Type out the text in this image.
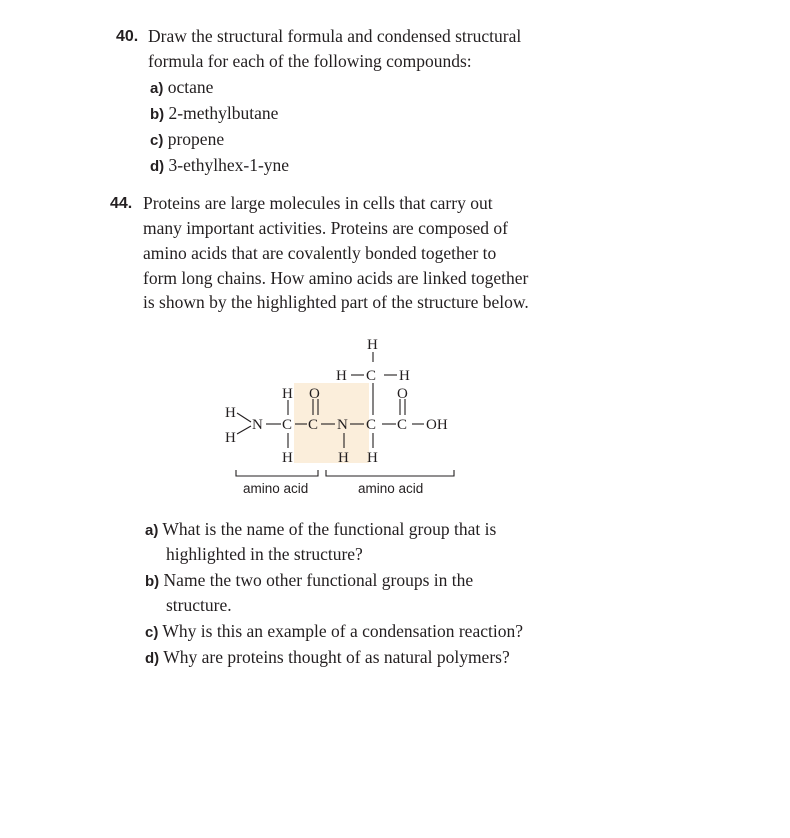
40. Draw the structural formula and condensed structural
formula for each of the following compounds:
a) octane
b) 2-methylbutane
c) propene
d) 3-ethylhex-1-yne
44. Proteins are large molecules in cells that carry out
many important activities. Proteins are composed of
amino acids that are covalently bonded together to
form long chains. How amino acids are linked together
is shown by the highlighted part of the structure below.
H
H C H
H O	O
H
H
N C C N C C OH
H	H H
amino acid	amino acid
a) What is the name of the functional group that is
highlighted in the structure?
b) Name the two other functional groups in the
structure.
c) Why is this an example of a condensation reaction?
d) Why are proteins thought of as natural polymers?
